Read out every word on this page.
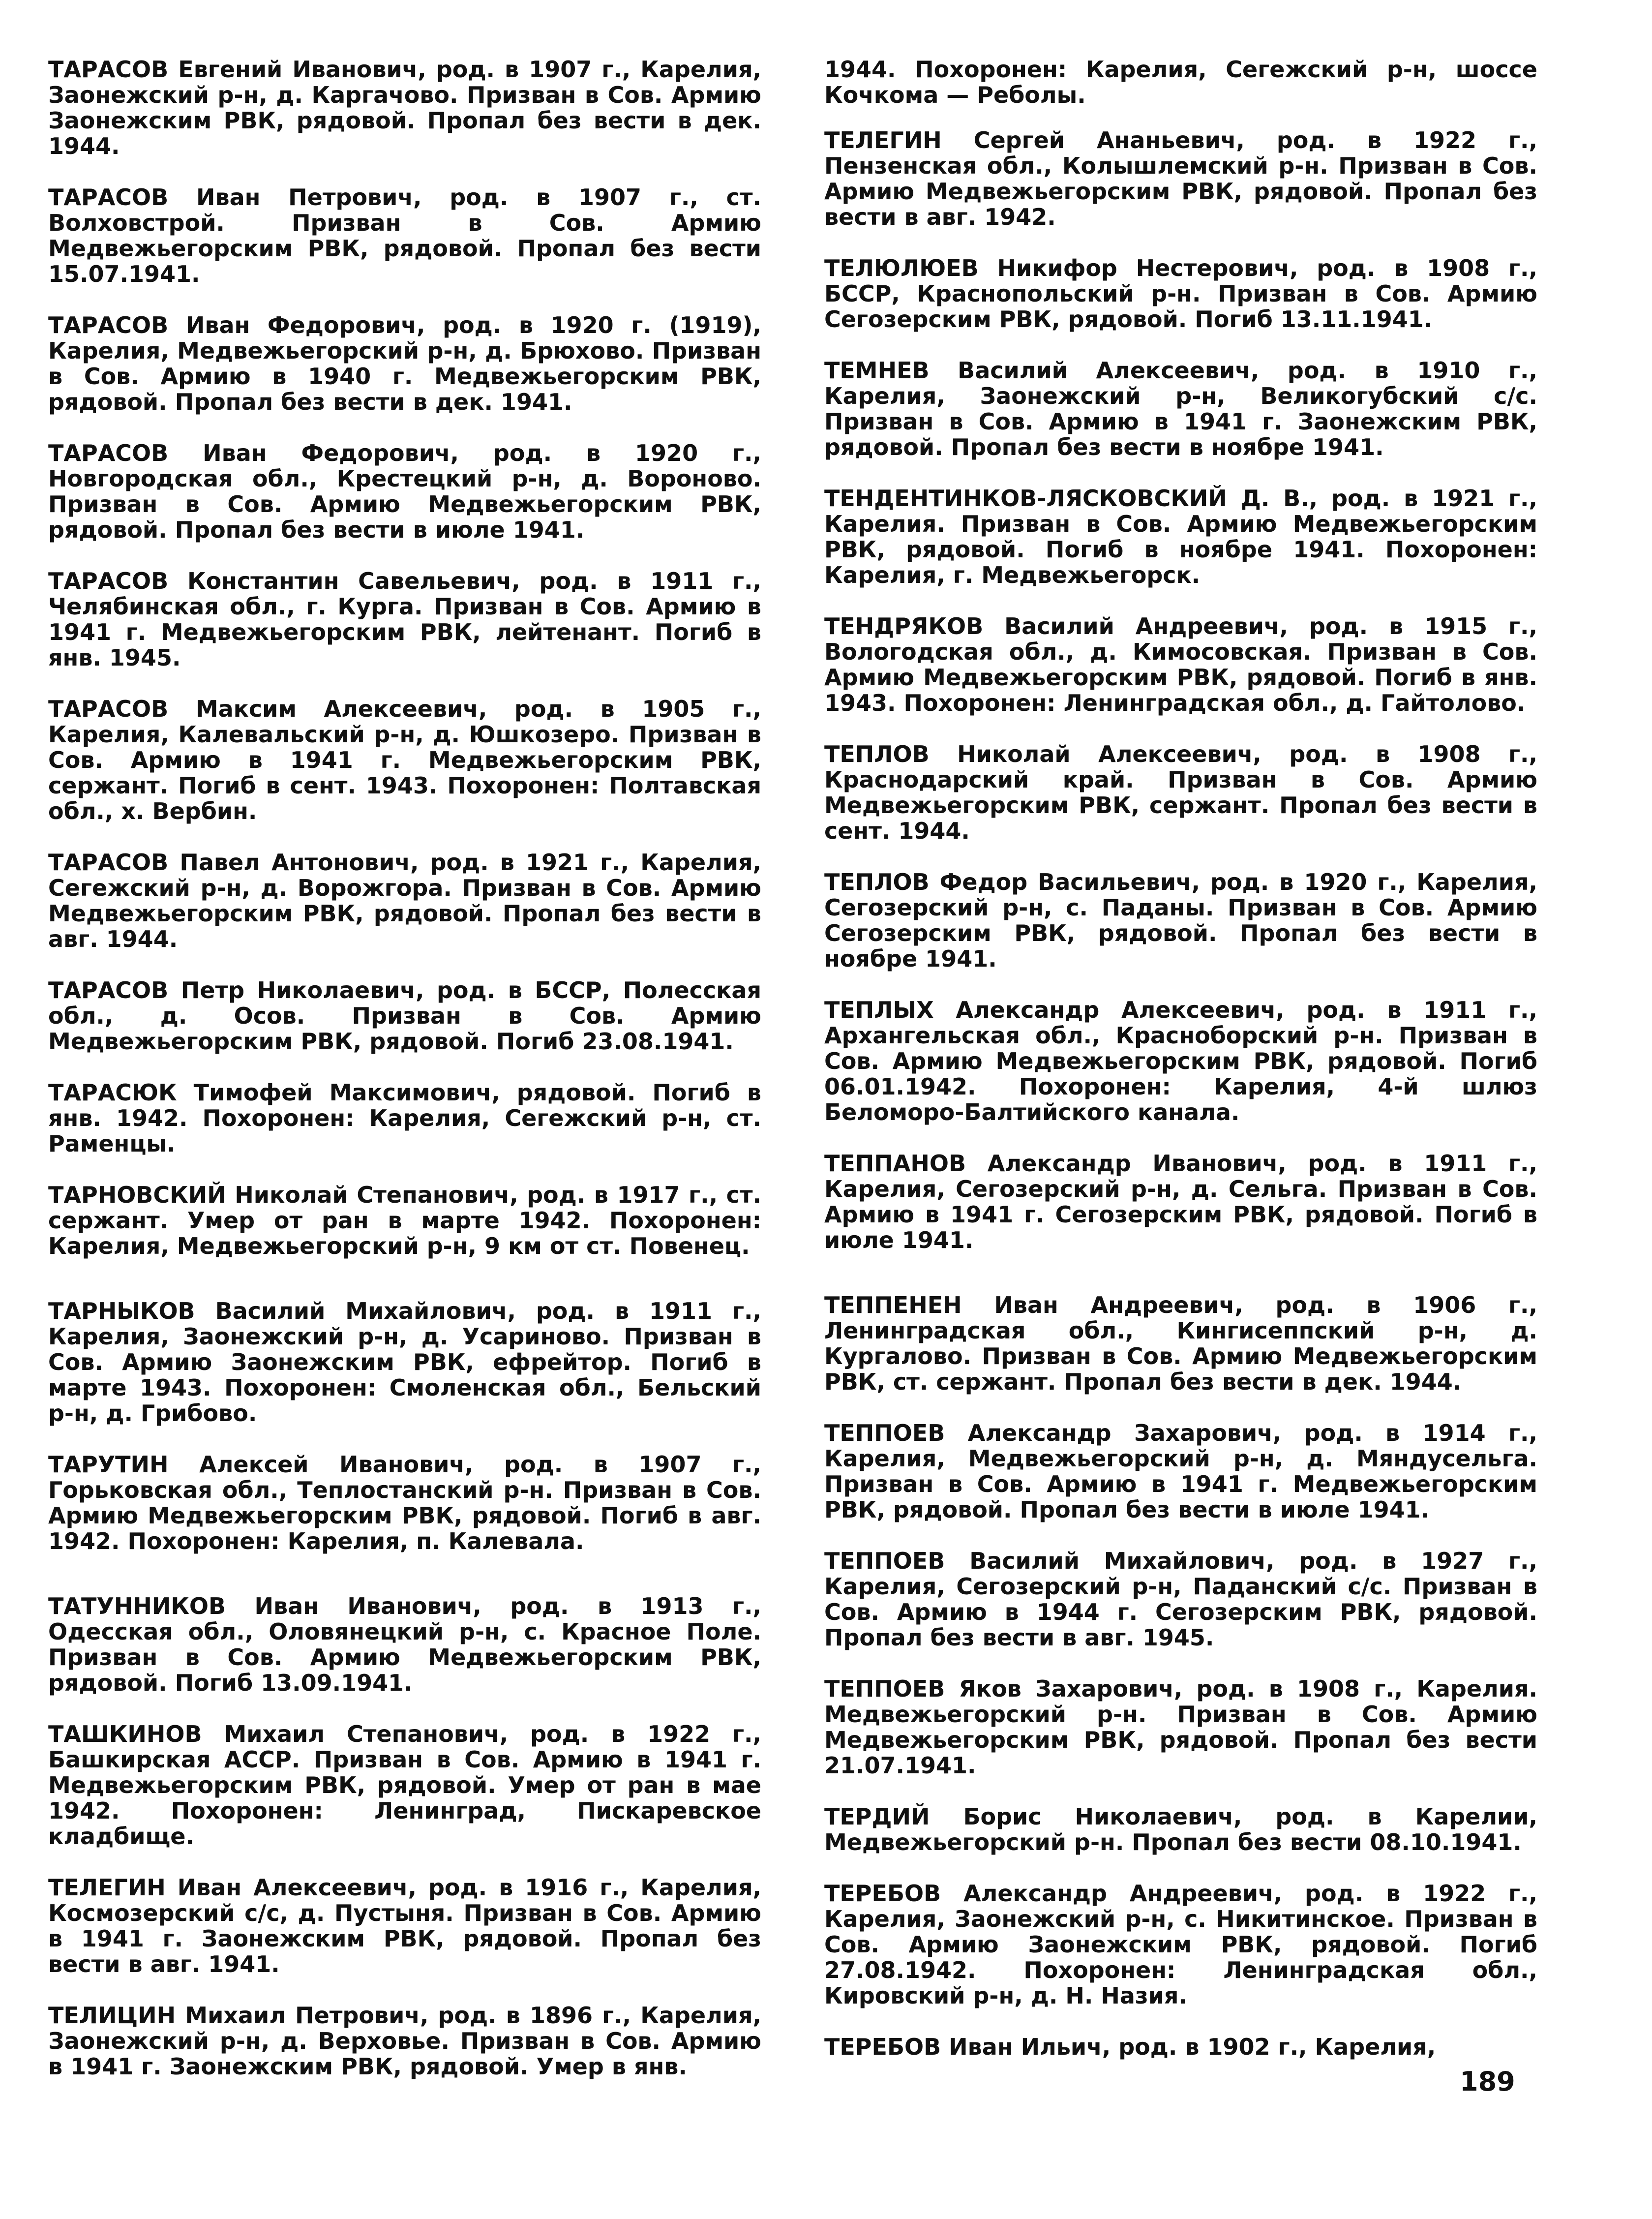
ТАРАСОВ Евгений Иванович, род. в 1907 г., Карелия, Заонежский р-н, д. Каргачово. Призван в Сов. Армию Заонежским РВК, рядовой. Пропал без вести в дек. 1944.

ТАРАСОВ Иван Петрович, род. в 1907 г., ст. Волховстрой. Призван в Сов. Армию Медвежьегорским РВК, рядовой. Пропал без вести 15.07.1941.

ТАРАСОВ Иван Федорович, род. в 1920 г. (1919), Карелия, Медвежьегорский р-н, д. Брюхово. Призван в Сов. Армию в 1940 г. Медвежьегорским РВК, рядовой. Пропал без вести в дек. 1941.

ТАРАСОВ Иван Федорович, род. в 1920 г., Новгородская обл., Крестецкий р-н, д. Вороново. Призван в Сов. Армию Медвежьегорским РВК, рядовой. Пропал без вести в июле 1941.

ТАРАСОВ Константин Савельевич, род. в 1911 г., Челябинская обл., г. Курга. Призван в Сов. Армию в 1941 г. Медвежьегорским РВК, лейтенант. Погиб в янв. 1945.

ТАРАСОВ Максим Алексеевич, род. в 1905 г., Карелия, Калевальский р-н, д. Юшкозеро. Призван в Сов. Армию в 1941 г. Медвежьегорским РВК, сержант. Погиб в сент. 1943. Похоронен: Полтавская обл., х. Вербин.

ТАРАСОВ Павел Антонович, род. в 1921 г., Карелия, Сегежский р-н, д. Ворожгора. Призван в Сов. Армию Медвежьегорским РВК, рядовой. Пропал без вести в авг. 1944.

ТАРАСОВ Петр Николаевич, род. в БССР, Полесская обл., д. Осов. Призван в Сов. Армию Медвежьегорским РВК, рядовой. Погиб 23.08.1941.

ТАРАСЮК Тимофей Максимович, рядовой. Погиб в янв. 1942. Похоронен: Карелия, Сегежский р-н, ст. Раменцы.

ТАРНОВСКИЙ Николай Степанович, род. в 1917 г., ст. сержант. Умер от ран в марте 1942. Похоронен: Карелия, Медвежьегорский р-н, 9 км от ст. Повенец.

ТАРНЫКОВ Василий Михайлович, род. в 1911 г., Карелия, Заонежский р-н, д. Усариново. Призван в Сов. Армию Заонежским РВК, ефрейтор. Погиб в марте 1943. Похоронен: Смоленская обл., Бельский р-н, д. Грибово.

ТАРУТИН Алексей Иванович, род. в 1907 г., Горьковская обл., Теплостанский р-н. Призван в Сов. Армию Медвежьегорским РВК, рядовой. Погиб в авг. 1942. Похоронен: Карелия, п. Калевала.

ТАТУННИКОВ Иван Иванович, род. в 1913 г., Одесская обл., Оловянецкий р-н, с. Красное Поле. Призван в Сов. Армию Медвежьегорским РВК, рядовой. Погиб 13.09.1941.

ТАШКИНОВ Михаил Степанович, род. в 1922 г., Башкирская АССР. Призван в Сов. Армию в 1941 г. Медвежьегорским РВК, рядовой. Умер от ран в мае 1942. Похоронен: Ленинград, Пискаревское кладбище.

ТЕЛЕГИН Иван Алексеевич, род. в 1916 г., Карелия, Космозерский с/с, д. Пустыня. Призван в Сов. Армию в 1941 г. Заонежским РВК, рядовой. Пропал без вести в авг. 1941.

ТЕЛИЦИН Михаил Петрович, род. в 1896 г., Карелия, Заонежский р-н, д. Верховье. Призван в Сов. Армию в 1941 г. Заонежским РВК, рядовой. Умер в янв.

1944. Похоронен: Карелия, Сегежский р-н, шоссе Кочкома — Реболы.

ТЕЛЕГИН Сергей Ананьевич, род. в 1922 г., Пензенская обл., Колышлемский р-н. Призван в Сов. Армию Медвежьегорским РВК, рядовой. Пропал без вести в авг. 1942.

ТЕЛЮЛЮЕВ Никифор Нестерович, род. в 1908 г., БССР, Краснопольский р-н. Призван в Сов. Армию Сегозерским РВК, рядовой. Погиб 13.11.1941.

ТЕМНЕВ Василий Алексеевич, род. в 1910 г., Карелия, Заонежский р-н, Великогубский с/с. Призван в Сов. Армию в 1941 г. Заонежским РВК, рядовой. Пропал без вести в ноябре 1941.

ТЕНДЕНТИНКОВ-ЛЯСКОВСКИЙ Д. В., род. в 1921 г., Карелия. Призван в Сов. Армию Медвежьегорским РВК, рядовой. Погиб в ноябре 1941. Похоронен: Карелия, г. Медвежьегорск.

ТЕНДРЯКОВ Василий Андреевич, род. в 1915 г., Вологодская обл., д. Кимосовская. Призван в Сов. Армию Медвежьегорским РВК, рядовой. Погиб в янв. 1943. Похоронен: Ленинградская обл., д. Гайтолово.

ТЕПЛОВ Николай Алексеевич, род. в 1908 г., Краснодарский край. Призван в Сов. Армию Медвежьегорским РВК, сержант. Пропал без вести в сент. 1944.

ТЕПЛОВ Федор Васильевич, род. в 1920 г., Карелия, Сегозерский р-н, с. Паданы. Призван в Сов. Армию Сегозерским РВК, рядовой. Пропал без вести в ноябре 1941.

ТЕПЛЫХ Александр Алексеевич, род. в 1911 г., Архангельская обл., Красноборский р-н. Призван в Сов. Армию Медвежьегорским РВК, рядовой. Погиб 06.01.1942. Похоронен: Карелия, 4-й шлюз Беломоро-Балтийского канала.

ТЕППАНОВ Александр Иванович, род. в 1911 г., Карелия, Сегозерский р-н, д. Сельга. Призван в Сов. Армию в 1941 г. Сегозерским РВК, рядовой. Погиб в июле 1941.

ТЕППЕНЕН Иван Андреевич, род. в 1906 г., Ленинградская обл., Кингисеппский р-н, д. Кургалово. Призван в Сов. Армию Медвежьегорским РВК, ст. сержант. Пропал без вести в дек. 1944.

ТЕППОЕВ Александр Захарович, род. в 1914 г., Карелия, Медвежьегорский р-н, д. Мяндусельга. Призван в Сов. Армию в 1941 г. Медвежьегорским РВК, рядовой. Пропал без вести в июле 1941.

ТЕППОЕВ Василий Михайлович, род. в 1927 г., Карелия, Сегозерский р-н, Паданский с/с. Призван в Сов. Армию в 1944 г. Сегозерским РВК, рядовой. Пропал без вести в авг. 1945.

ТЕППОЕВ Яков Захарович, род. в 1908 г., Карелия. Медвежьегорский р-н. Призван в Сов. Армию Медвежьегорским РВК, рядовой. Пропал без вести 21.07.1941.

ТЕРДИЙ Борис Николаевич, род. в Карелии, Медвежьегорский р-н. Пропал без вести 08.10.1941.

ТЕРЕБОВ Александр Андреевич, род. в 1922 г., Карелия, Заонежский р-н, с. Никитинское. Призван в Сов. Армию Заонежским РВК, рядовой. Погиб 27.08.1942. Похоронен: Ленинградская обл., Кировский р-н, д. Н. Назия.

ТЕРЕБОВ Иван Ильич, род. в 1902 г., Карелия,

189
